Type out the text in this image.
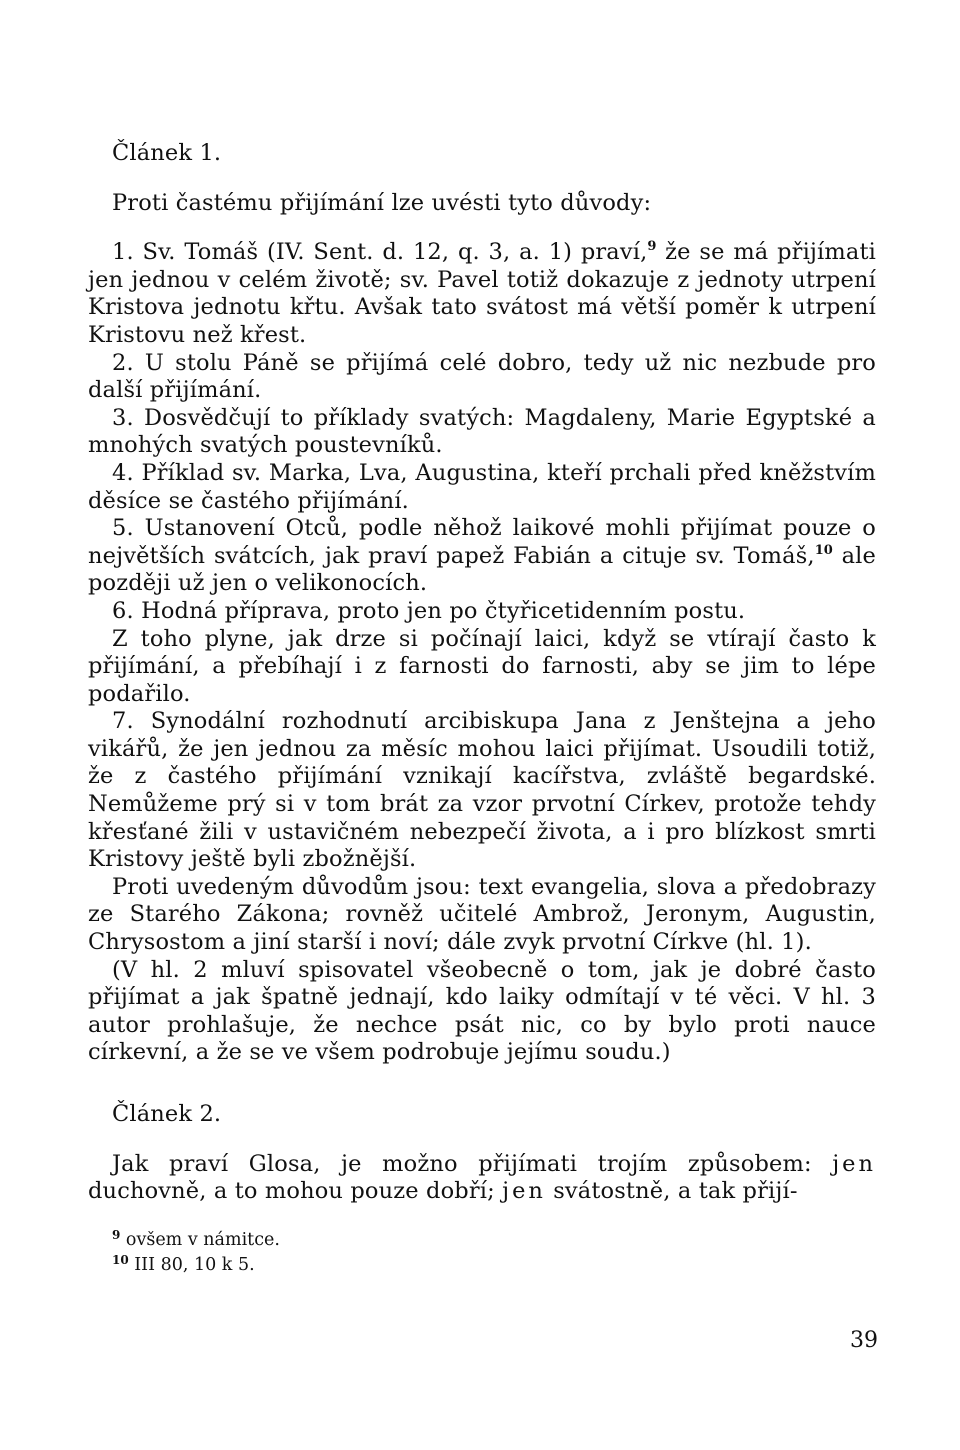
Článek 1.

Proti častému přijímání lze uvésti tyto důvody:

1. Sv. Tomáš (IV. Sent. d. 12, q. 3, a. 1) praví,$^9$ že se má přijímati jen jednou v celém životě; sv. Pavel totiž dokazuje z jednoty utrpení Kristova jednotu křtu. Avšak tato svátost má větší poměr k utrpení Kristovu než křest.

2. U stolu Páně se přijímá celé dobro, tedy už nic nezbude pro další přijímání.

3. Dosvědčují to příklady svatých: Magdaleny, Marie Egyptské a mnohých svatých poustevníků.

4. Příklad sv. Marka, Lva, Augustina, kteří prchali před kněžstvím děsíce se častého přijímání.

5. Ustanovení Otců, podle něhož laikové mohli přijímat pouze o největších svátcích, jak praví papež Fabián a cituje sv. Tomáš,$^{10}$ ale později už jen o velikonocích.

6. Hodná příprava, proto jen po čtyřicetidenním postu.

Z toho plyne, jak drze si počínají laici, když se vtírají často k přijímání, a přebíhají i z farnosti do farnosti, aby se jim to lépe podařilo.

7. Synodální rozhodnutí arcibiskupa Jana z Jenštejna a jeho vikářů, že jen jednou za měsíc mohou laici přijímat. Usoudili totiž, že z častého přijímání vznikají kacířstva, zvláště begardské. Nemůžeme prý si v tom brát za vzor prvotní Církev, protože tehdy křesťané žili v ustavičném nebezpečí života, a i pro blízkost smrti Kristovy ještě byli zbožnější.

Proti uvedeným důvodům jsou: text evangelia, slova a předobrazy ze Starého Zákona; rovněž učitelé Ambrož, Jeronym, Augustin, Chrysostom a jiní starší i noví; dále zvyk prvotní Církve (hl. 1).

(V hl. 2 mluví spisovatel všeobecně o tom, jak je dobré často přijímat a jak špatně jednají, kdo laiky odmítají v té věci. V hl. 3 autor prohlašuje, že nechce psát nic, co by bylo proti nauce církevní, a že se ve všem podrobuje jejímu soudu.)

Článek 2.

Jak praví Glosa, je možno přijímati trojím způsobem: jen duchovně, a to mohou pouze dobří; jen svátostně, a tak přijí-

$^9$ ovšem v námitce.

$^{10}$ III 80, 10 k 5.

39
